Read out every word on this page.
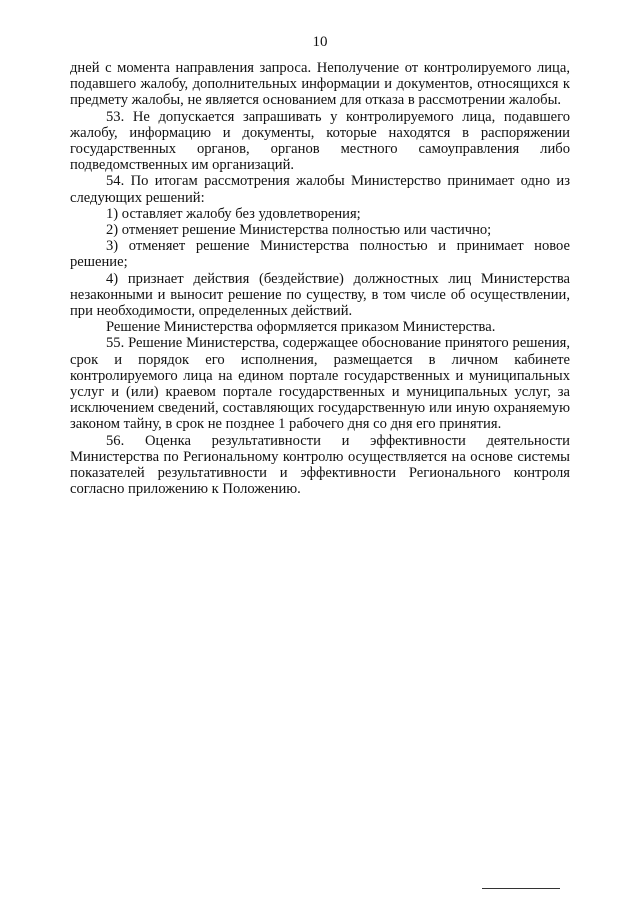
10

дней с момента направления запроса. Неполучение от контролируемого лица, подавшего жалобу, дополнительных информации и документов, относящихся к предмету жалобы, не является основанием для отказа в рассмотрении жалобы.

53. Не допускается запрашивать у контролируемого лица, подавшего жалобу, информацию и документы, которые находятся в распоряжении государственных органов, органов местного самоуправления либо подведомственных им организаций.

54. По итогам рассмотрения жалобы Министерство принимает одно из следующих решений:

1) оставляет жалобу без удовлетворения;

2) отменяет решение Министерства полностью или частично;

3) отменяет решение Министерства полностью и принимает новое решение;

4) признает действия (бездействие) должностных лиц Министерства незаконными и выносит решение по существу, в том числе об осуществлении, при необходимости, определенных действий.

Решение Министерства оформляется приказом Министерства.

55. Решение Министерства, содержащее обоснование принятого решения, срок и порядок его исполнения, размещается в личном кабинете контролируемого лица на едином портале государственных и муниципальных услуг и (или) краевом портале государственных и муниципальных услуг, за исключением сведений, составляющих государственную или иную охраняемую законом тайну, в срок не позднее 1 рабочего дня со дня его принятия.

56. Оценка результативности и эффективности деятельности Министерства по Региональному контролю осуществляется на основе системы показателей результативности и эффективности Регионального контроля согласно приложению к Положению.
